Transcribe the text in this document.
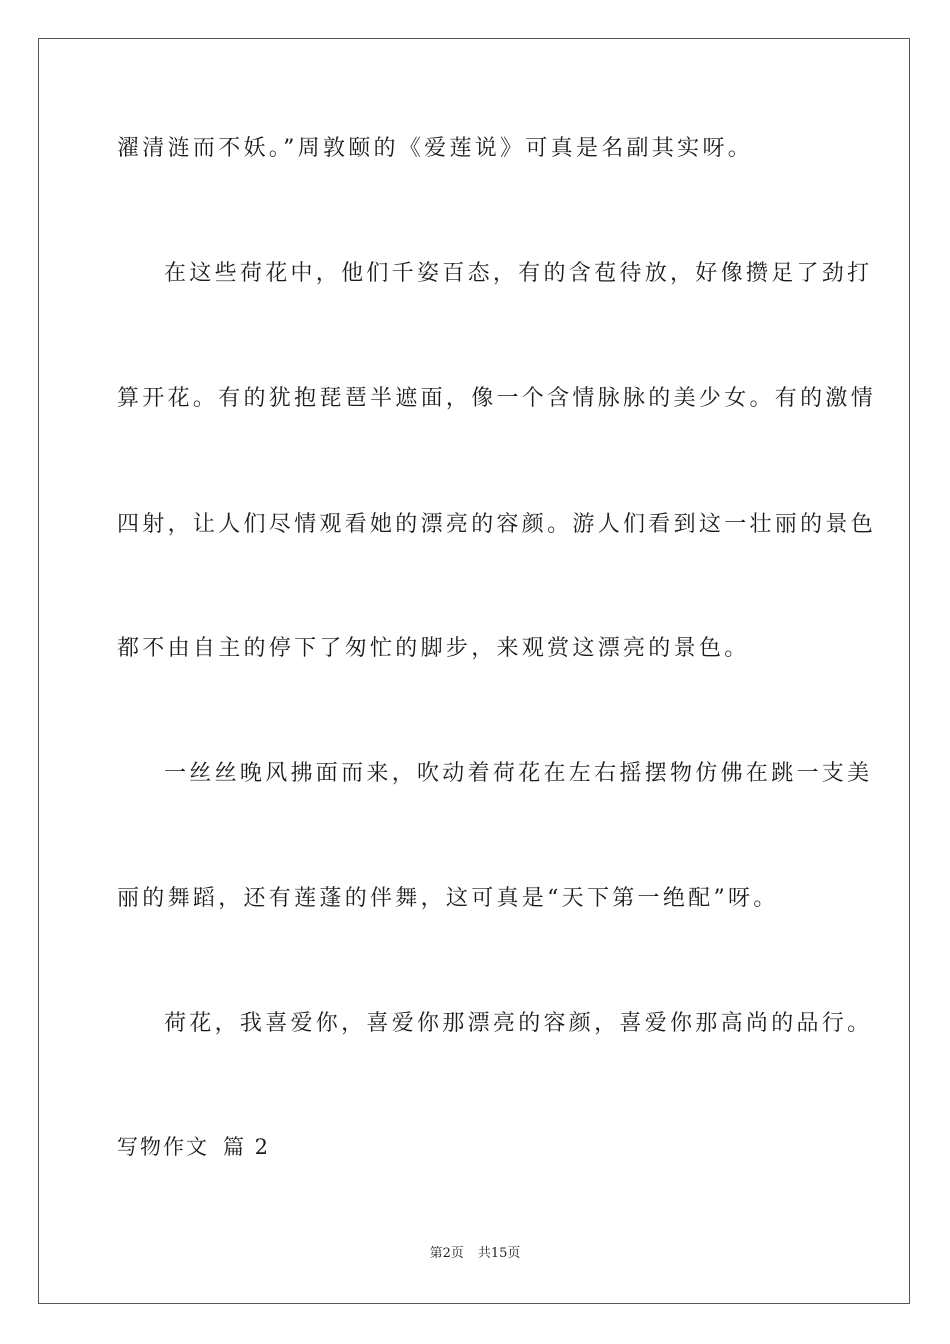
濯清涟而不妖。”周敦颐的《爱莲说》可真是名副其实呀。
在这些荷花中，他们千姿百态，有的含苞待放，好像攒足了劲打
算开花。有的犹抱琵琶半遮面，像一个含情脉脉的美少女。有的激情
四射，让人们尽情观看她的漂亮的容颜。游人们看到这一壮丽的景色
都不由自主的停下了匆忙的脚步，来观赏这漂亮的景色。
一丝丝晚风拂面而来，吹动着荷花在左右摇摆物仿佛在跳一支美
丽的舞蹈，还有莲蓬的伴舞，这可真是“天下第一绝配”呀。
荷花，我喜爱你，喜爱你那漂亮的容颜，喜爱你那高尚的品行。
写物作文 篇 2
第2页 共15页
